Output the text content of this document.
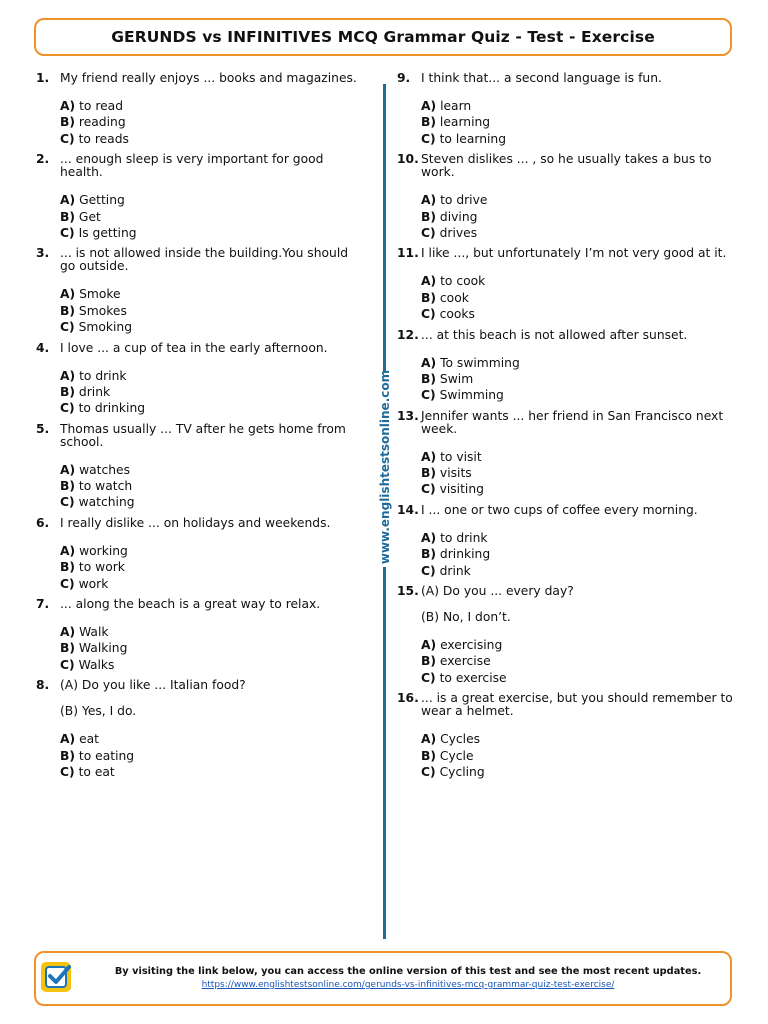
GERUNDS vs INFINITIVES MCQ Grammar Quiz - Test - Exercise
1. My friend really enjoys ... books and magazines.
A) to read
B) reading
C) to reads
2. ... enough sleep is very important for good health.
A) Getting
B) Get
C) Is getting
3. ... is not allowed inside the building.You should go outside.
A) Smoke
B) Smokes
C) Smoking
4. I love ... a cup of tea in the early afternoon.
A) to drink
B) drink
C) to drinking
5. Thomas usually ... TV after he gets home from school.
A) watches
B) to watch
C) watching
6. I really dislike ... on holidays and weekends.
A) working
B) to work
C) work
7. ... along the beach is a great way to relax.
A) Walk
B) Walking
C) Walks
8. (A) Do you like ... Italian food?
(B) Yes, I do.
A) eat
B) to eating
C) to eat
www.englishtestsonline.com
9. I think that... a second language is fun.
A) learn
B) learning
C) to learning
10. Steven dislikes ... , so he usually takes a bus to work.
A) to drive
B) diving
C) drives
11. I like ..., but unfortunately I’m not very good at it.
A) to cook
B) cook
C) cooks
12. ... at this beach is not allowed after sunset.
A) To swimming
B) Swim
C) Swimming
13. Jennifer wants ... her friend in San Francisco next week.
A) to visit
B) visits
C) visiting
14. I ... one or two cups of coffee every morning.
A) to drink
B) drinking
C) drink
15. (A) Do you ... every day?
(B) No, I don’t.
A) exercising
B) exercise
C) to exercise
16. ... is a great exercise, but you should remember to wear a helmet.
A) Cycles
B) Cycle
C) Cycling
By visiting the link below, you can access the online version of this test and see the most recent updates.
https://www.englishtestsonline.com/gerunds-vs-infinitives-mcq-grammar-quiz-test-exercise/
